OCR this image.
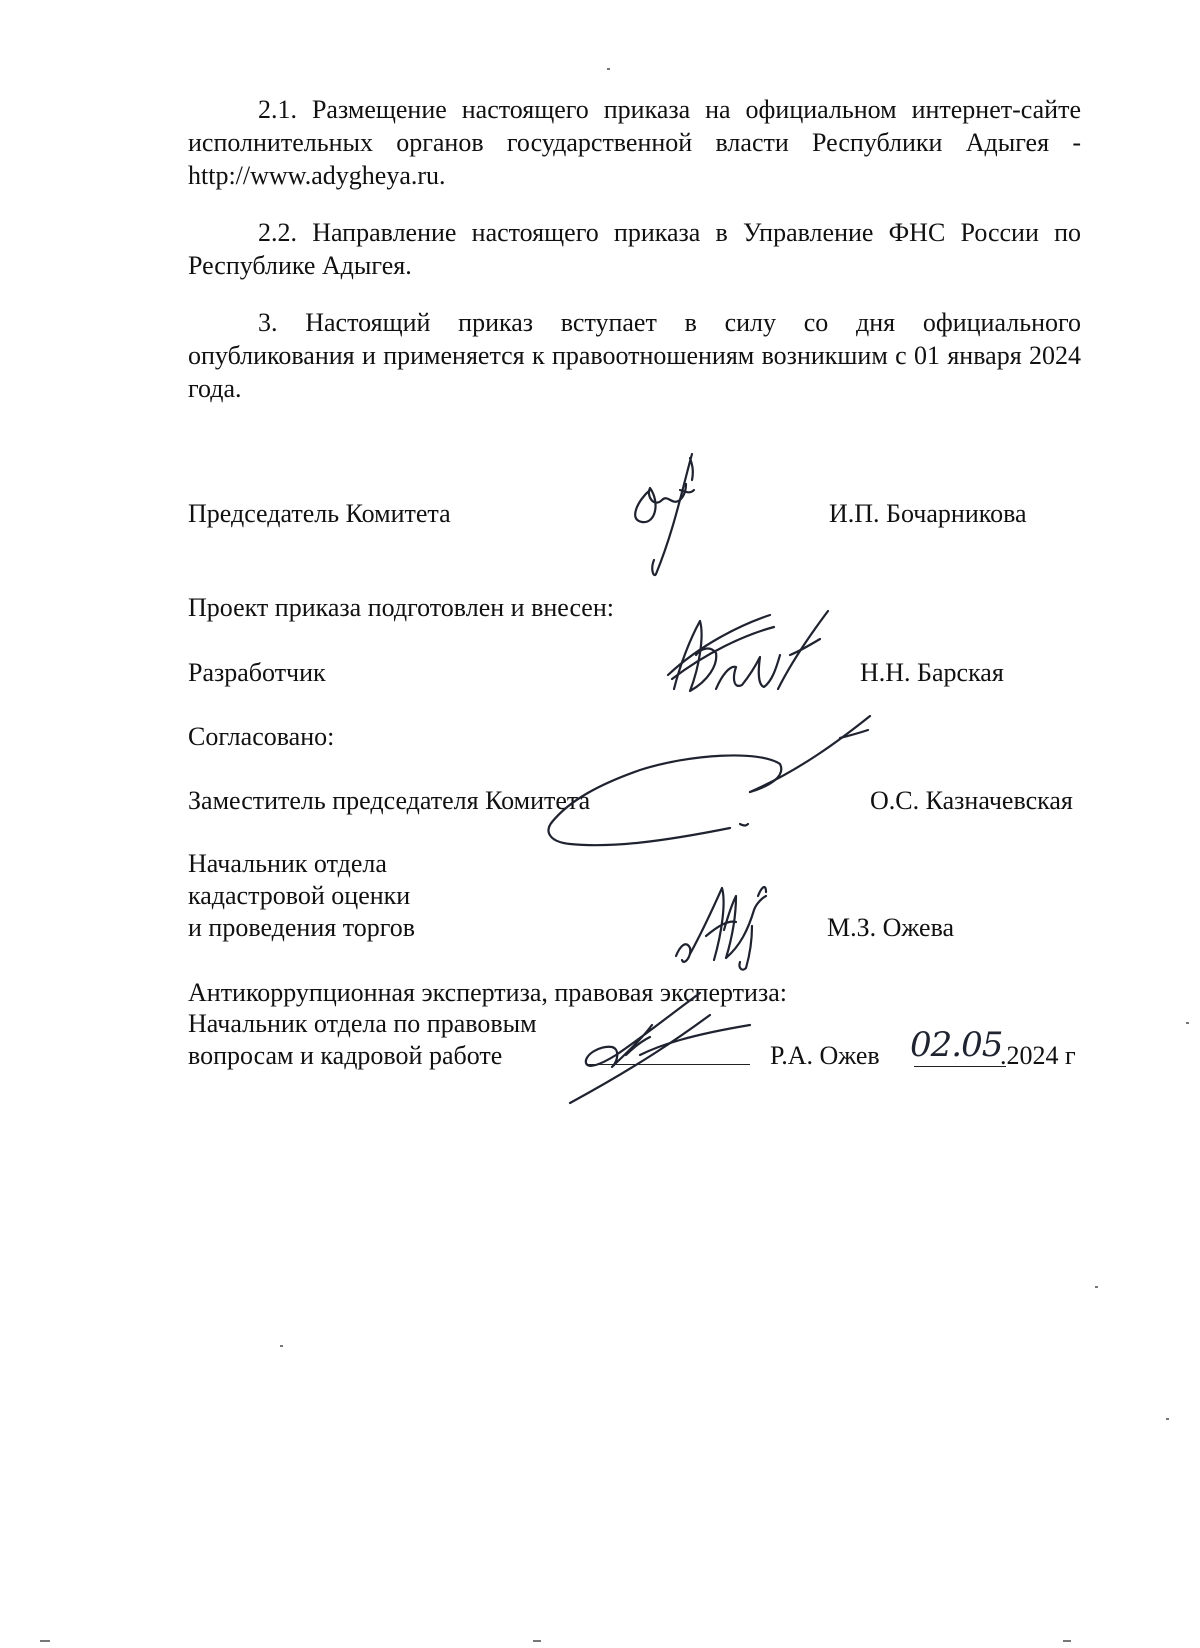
2.1. Размещение настоящего приказа на официальном интернет-сайте исполнительных органов государственной власти Республики Адыгея - http://www.adygheya.ru.
2.2. Направление настоящего приказа в Управление ФНС России по Республике Адыгея.
3. Настоящий приказ вступает в силу со дня официального опубликования и применяется к правоотношениям возникшим с 01 января 2024 года.
Председатель Комитета	И.П. Бочарникова
Проект приказа подготовлен и внесен:
Разработчик	Н.Н. Барская
Согласовано:
Заместитель председателя Комитета	О.С. Казначевская
Начальник отдела
кадастровой оценки
и проведения торгов	М.З. Ожева
Антикоррупционная экспертиза, правовая экспертиза:
Начальник отдела по правовым
вопросам и кадровой работе	Р.А. Ожев 02.05
.2024 г
